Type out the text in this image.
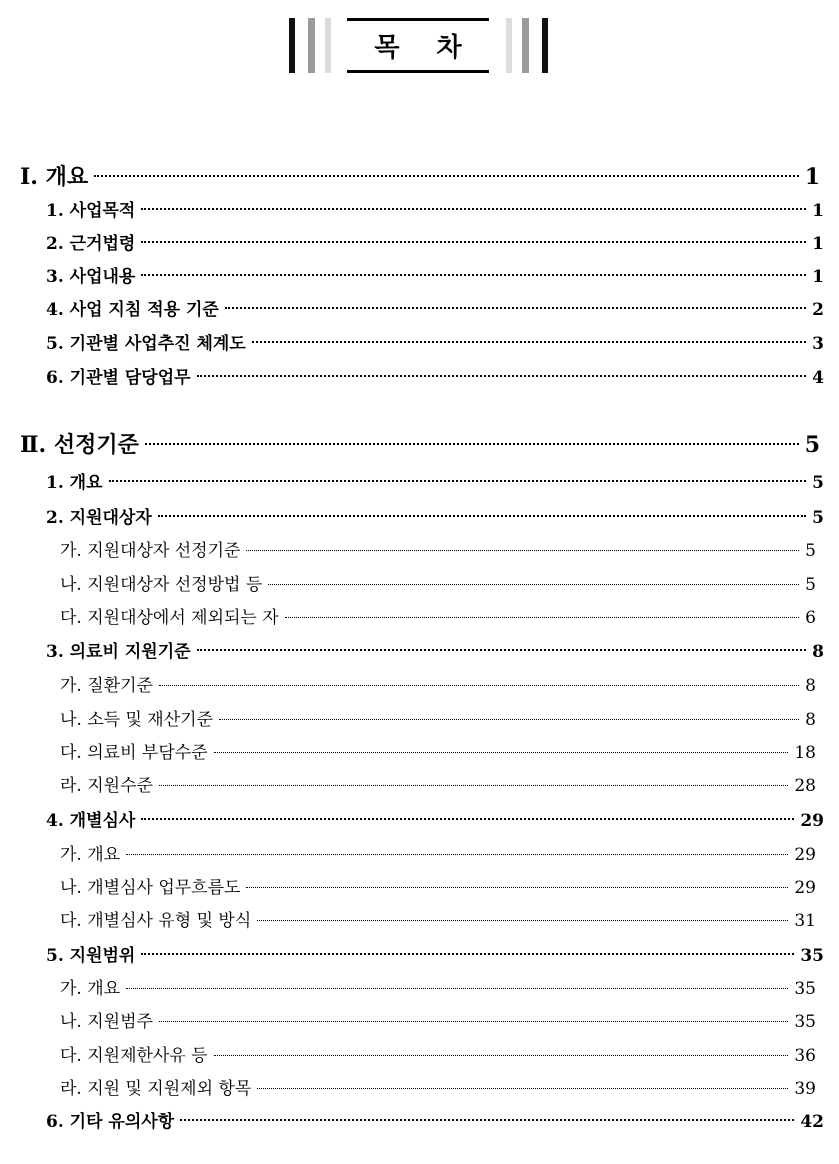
목 차
Ⅰ. 개요	1
1. 사업목적	1
2. 근거법령	1
3. 사업내용	1
4. 사업 지침 적용 기준	2
5. 기관별 사업추진 체계도	3
6. 기관별 담당업무	4
Ⅱ. 선정기준	5
1. 개요	5
2. 지원대상자	5
가. 지원대상자 선정기준	5
나. 지원대상자 선정방법 등	5
다. 지원대상에서 제외되는 자	6
3. 의료비 지원기준	8
가. 질환기준	8
나. 소득 및 재산기준	8
다. 의료비 부담수준	18
라. 지원수준	28
4. 개별심사	29
가. 개요	29
나. 개별심사 업무흐름도	29
다. 개별심사 유형 및 방식	31
5. 지원범위	35
가. 개요	35
나. 지원범주	35
다. 지원제한사유 등	36
라. 지원 및 지원제외 항목	39
6. 기타 유의사항	42
